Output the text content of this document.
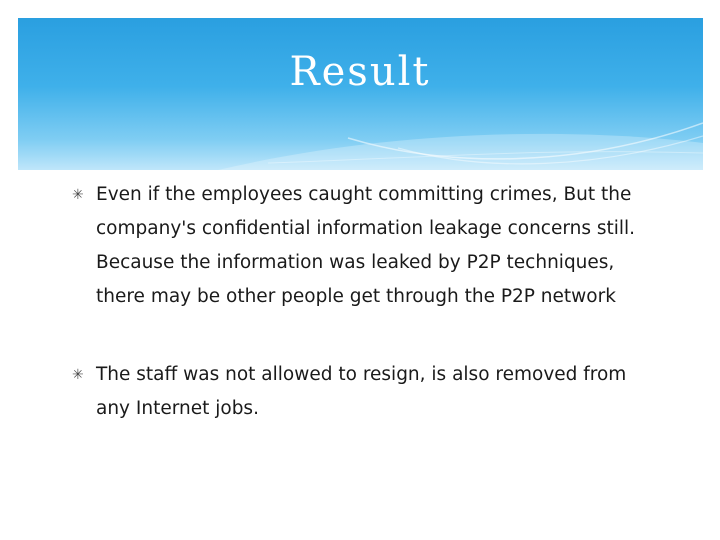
Result
✳ Even if the employees caught committing crimes, But the company's confidential information leakage concerns still. Because the information was leaked by P2P techniques, there may be other people get through the P2P network
✳ The staff was not allowed to resign, is also removed from any Internet jobs.
